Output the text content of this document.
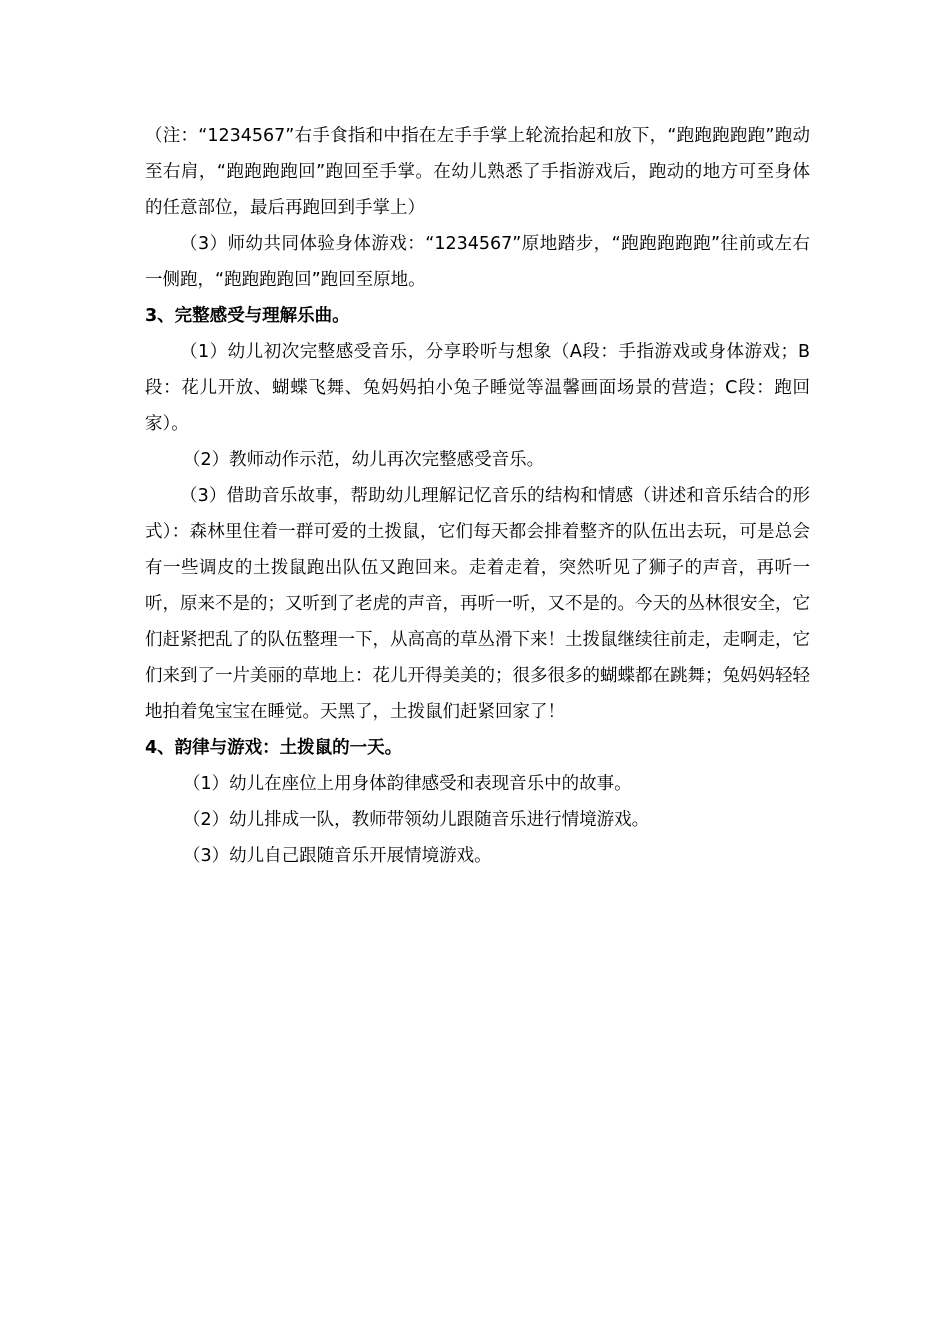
（注：“1234567”右手食指和中指在左手手掌上轮流抬起和放下，“跑跑跑跑跑”跑动至右肩，“跑跑跑跑回”跑回至手掌。在幼儿熟悉了手指游戏后，跑动的地方可至身体的任意部位，最后再跑回到手掌上）

（3）师幼共同体验身体游戏：“1234567”原地踏步，“跑跑跑跑跑”往前或左右一侧跑，“跑跑跑跑回”跑回至原地。

3、完整感受与理解乐曲。

（1）幼儿初次完整感受音乐，分享聆听与想象（A段：手指游戏或身体游戏；B段：花儿开放、蝴蝶飞舞、兔妈妈拍小兔子睡觉等温馨画面场景的营造；C段：跑回家）。

（2）教师动作示范，幼儿再次完整感受音乐。

（3）借助音乐故事，帮助幼儿理解记忆音乐的结构和情感（讲述和音乐结合的形式）：森林里住着一群可爱的土拨鼠，它们每天都会排着整齐的队伍出去玩，可是总会有一些调皮的土拨鼠跑出队伍又跑回来。走着走着，突然听见了狮子的声音，再听一听，原来不是的；又听到了老虎的声音，再听一听，又不是的。今天的丛林很安全，它们赶紧把乱了的队伍整理一下，从高高的草丛滑下来！土拨鼠继续往前走，走啊走，它们来到了一片美丽的草地上：花儿开得美美的；很多很多的蝴蝶都在跳舞；兔妈妈轻轻地拍着兔宝宝在睡觉。天黑了，土拨鼠们赶紧回家了！

4、韵律与游戏：土拨鼠的一天。

（1）幼儿在座位上用身体韵律感受和表现音乐中的故事。

（2）幼儿排成一队，教师带领幼儿跟随音乐进行情境游戏。

（3）幼儿自己跟随音乐开展情境游戏。
